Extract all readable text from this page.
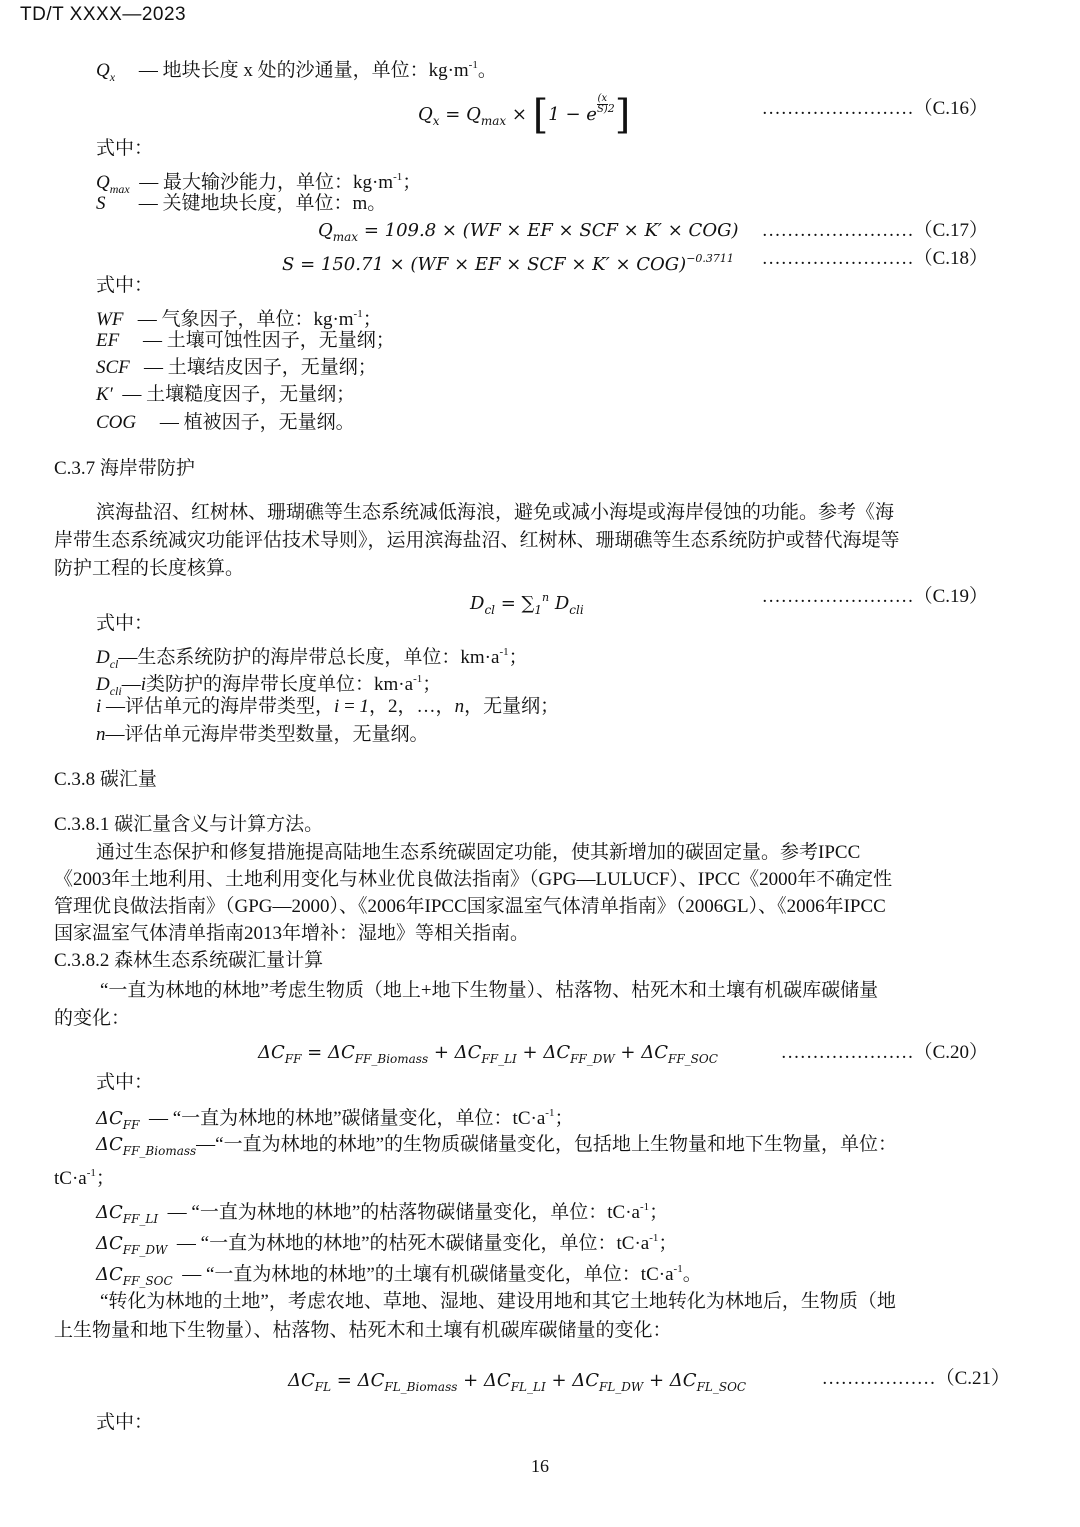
TD/T XXXX—2023
$Q_x$ — 地块长度 x 处的沙通量，单位：$kg\cdot m^{-1}$。
$Q_x = Q_{max} \times [1 - e \frac{(x}{S)} ^2]$	……………………（C.16）
式中：
$Q_{max}$ — 最大输沙能力，单位：$kg\cdot m^{-1}$；
S — 关键地块长度，单位：m。
$Q_{max} = 109.8 \times (WF$ × EF × SCF × K′ × COG) ……………………（C.17）
S = 150.71 × (WF × EF × SCF × K′ × COG)$^{-0.3711}$ ……………………（C.18）
式中：
WF — 气象因子，单位：$kg\cdot m^{-1}$；
EF — 土壤可蚀性因子，无量纲；
SCF — 土壤结皮因子，无量纲；
K′ — 土壤糙度因子，无量纲；
COG — 植被因子，无量纲。
C.3.7 海岸带防护
滨海盐沼、红树林、珊瑚礁等生态系统减低海浪，避免或减小海堤或海岸侵蚀的功能。参考《海
岸带生态系统减灾功能评估技术导则》，运用滨海盐沼、红树林、珊瑚礁等生态系统防护或替代海堤等
防护工程的长度核算。
$D_{cl} = \sum_1^n$ $D_{cli}$
……………………（C.19）
式中：
$D_{cl}—$生态系统防护的海岸带总长度，单位：$km\cdot a^{-1}$；
$D_{cli}—i$类防护的海岸带长度单位：$km\cdot a^{-1}$；
i —评估单元的海岸带类型，i = 1，2，…，n，无量纲；
n—评估单元海岸带类型数量，无量纲。
C.3.8 碳汇量
C.3.8.1 碳汇量含义与计算方法。
通过生态保护和修复措施提高陆地生态系统碳固定功能，使其新增加的碳固定量。参考IPCC
《2003年土地利用、土地利用变化与林业优良做法指南》（GPG—LULUCF）、IPCC《2000年不确定性
管理优良做法指南》（GPG—2000）、《2006年IPCC国家温室气体清单指南》（2006GL）、《2006年IPCC
国家温室气体清单指南2013年增补：湿地》等相关指南。
C.3.8.2 森林生态系统碳汇量计算
“一直为林地的林地”考虑生物质（地上+地下生物量）、枯落物、枯死木和土壤有机碳库碳储量
的变化：
$\Delta C_{FF} = \Delta C_{FF\_Biomass} + \Delta C_{FF\_LI} + \Delta C_{FF\_DW} + \Delta C_{FF\_SOC}$	…………………（C.20）
式中：
$\Delta C_{FF}$ — “一直为林地的林地”碳储量变化，单位：$tC\cdot a^{-1}$；
$\Delta C_{FF\_Biomass}—“$一直为林地的林地”的生物质碳储量变化，包括地上生物量和地下生物量，单位：
$tC\cdot a^{-1}$；
$\Delta C_{FF\_LI}$ — “一直为林地的林地”的枯落物碳储量变化，单位：$tC\cdot a^{-1}$；
$\Delta C_{FF\_DW}$ — “一直为林地的林地”的枯死木碳储量变化，单位：$tC\cdot a^{-1}$；
$\Delta C_{FF\_SOC}$ — “一直为林地的林地”的土壤有机碳储量变化，单位：$tC\cdot a^{-1}$。
“转化为林地的土地”，考虑农地、草地、湿地、建设用地和其它土地转化为林地后，生物质（地
上生物量和地下生物量）、枯落物、枯死木和土壤有机碳库碳储量的变化：
$\Delta C_{FL} = \Delta C_{FL\_Biomass} + \Delta C_{FL\_LI} + \Delta C_{FL\_DW} + \Delta C_{FL\_SOC}$	………………（C.21）
式中：
16
